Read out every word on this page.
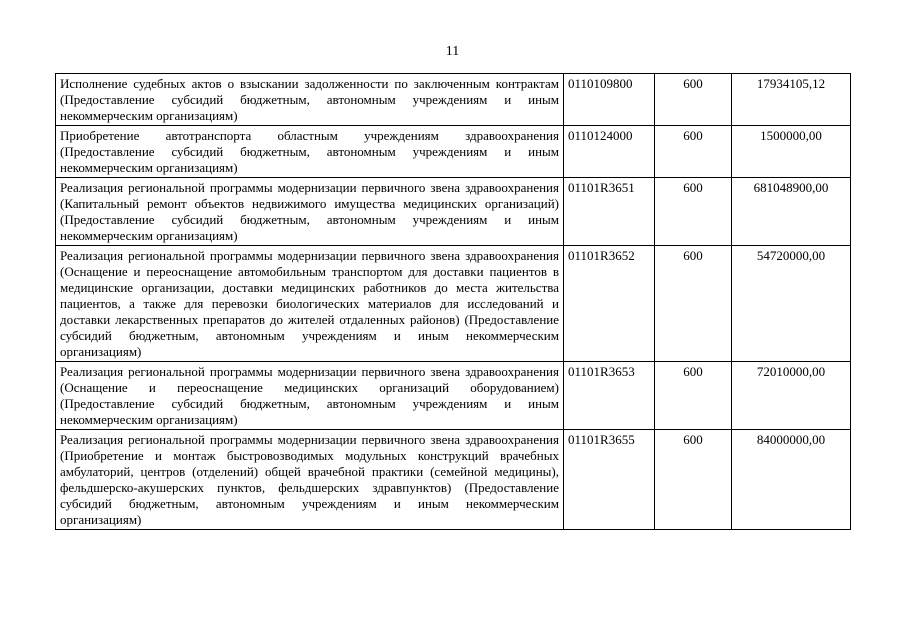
11
Исполнение судебных актов о взыскании задолженности по заключенным контрактам (Предоставление субсидий бюджетным, автономным учреждениям и иным некоммерческим организациям)	0110109800	600	17934105,12
Приобретение автотранспорта областным учреждениям здравоохранения (Предоставление субсидий бюджетным, автономным учреждениям и иным некоммерческим организациям)	0110124000	600	1500000,00
Реализация региональной программы модернизации первичного звена здравоохранения (Капитальный ремонт объектов недвижимого имущества медицинских организаций) (Предоставление субсидий бюджетным, автономным учреждениям и иным некоммерческим организациям)	01101R3651	600	681048900,00
Реализация региональной программы модернизации первичного звена здравоохранения (Оснащение и переоснащение автомобильным транспортом для доставки пациентов в медицинские организации, доставки медицинских работников до места жительства пациентов, а также для перевозки биологических материалов для исследований и доставки лекарственных препаратов до жителей отдаленных районов) (Предоставление субсидий бюджетным, автономным учреждениям и иным некоммерческим организациям)	01101R3652	600	54720000,00
Реализация региональной программы модернизации первичного звена здравоохранения (Оснащение и переоснащение медицинских организаций оборудованием) (Предоставление субсидий бюджетным, автономным учреждениям и иным некоммерческим организациям)	01101R3653	600	72010000,00
Реализация региональной программы модернизации первичного звена здравоохранения (Приобретение и монтаж быстровозводимых модульных конструкций врачебных амбулаторий, центров (отделений) общей врачебной практики (семейной медицины), фельдшерско-акушерских пунктов, фельдшерских здравпунктов) (Предоставление субсидий бюджетным, автономным учреждениям и иным некоммерческим организациям)	01101R3655	600	84000000,00
